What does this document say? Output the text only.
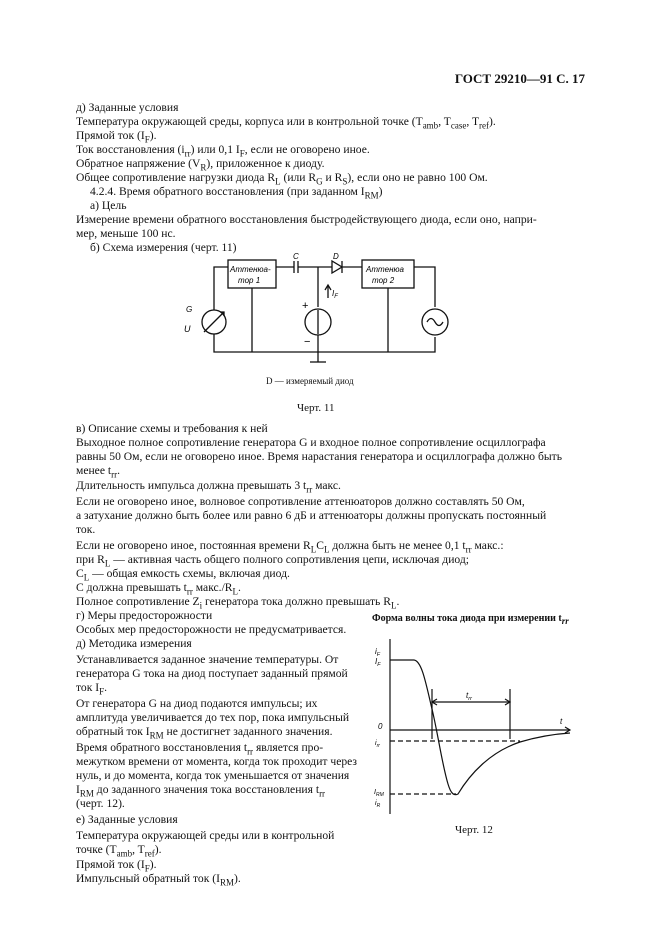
ГОСТ 29210—91 С. 17
д) Заданные условия
Температура окружающей среды, корпуса или в контрольной точке ($T_{amb}$, $T_{case}$, $T_{ref}$).
Прямой ток $(I_F)$.
Ток восстановления $(i_{rr})$ или 0,1 $I_F$, если не оговорено иное.
Обратное напряжение $(V_R)$, приложенное к диоду.
Общее сопротивление нагрузки диода $R_L$ (или $R_G$ и $R_S$), если оно не равно 100 Ом.
4.2.4. Время обратного восстановления (при заданном $I_{RM}$)
а) Цель
Измерение времени обратного восстановления быстродействующего диода, если оно, напри-
мер, меньше 100 нс.
б) Схема измерения (черт. 11)
Аттенюа-
тор 1
Аттенюа
тор 2
C	D
G
U
$I_F$
+
−
D — измеряемый диод
Черт. 11
в) Описание схемы и требования к ней
Выходное полное сопротивление генератора G и входное полное сопротивление осциллографа
равны 50 Ом, если не оговорено иное. Время нарастания генератора и осциллографа должно быть
менее $t_{rr}$.
Длительность импульса должна превышать 3 $t_{rr}$ макс.
Если не оговорено иное, волновое сопротивление аттенюаторов должно составлять 50 Ом,
а затухание должно быть более или равно 6 дБ и аттенюаторы должны пропускать постоянный
ток.
Если не оговорено иное, постоянная времени $R_LC_L$ должна быть не менее 0,1 $t_{rr}$ макс.:
при $R_L$ — активная часть общего полного сопротивления цепи, исключая диод;
$C_L$ — общая емкость схемы, включая диод.
C должна превышать $t_{rr}$ $макс./R_L$.
Полное сопротивление $Z_i$ генератора тока должно превышать $R_L$.
г) Меры предосторожности
Особых мер предосторожности не предусматривается.
д) Методика измерения
Устанавливается заданное значение температуры. От
генератора G тока на диод поступает заданный прямой
ток $I_F$.
От генератора G на диод подаются импульсы; их
амплитуда увеличивается до тех пор, пока импульсный
обратный ток $I_{RM}$ не достигнет заданного значения.
Время обратного восстановления $t_{rr}$ является про-
межутком времени от момента, когда ток проходит через
нуль, и до момента, когда ток уменьшается от значения
$I_{RM}$ до заданного значения тока восстановления $t_{rr}$
(черт. 12).
е) Заданные условия
Температура окружающей среды или в контрольной
точке ($T_{amb}$, $T_{ref}$).
Прямой ток $(I_F)$.
Импульсный обратный ток $(I_{RM})$.
Форма волны тока диода при измерении $t_{rr}$
$i_F$
$I_F$
0
$i_{rr}$
$I_{RM}$
$i_R$
$t_{rr}$
t
Черт. 12
